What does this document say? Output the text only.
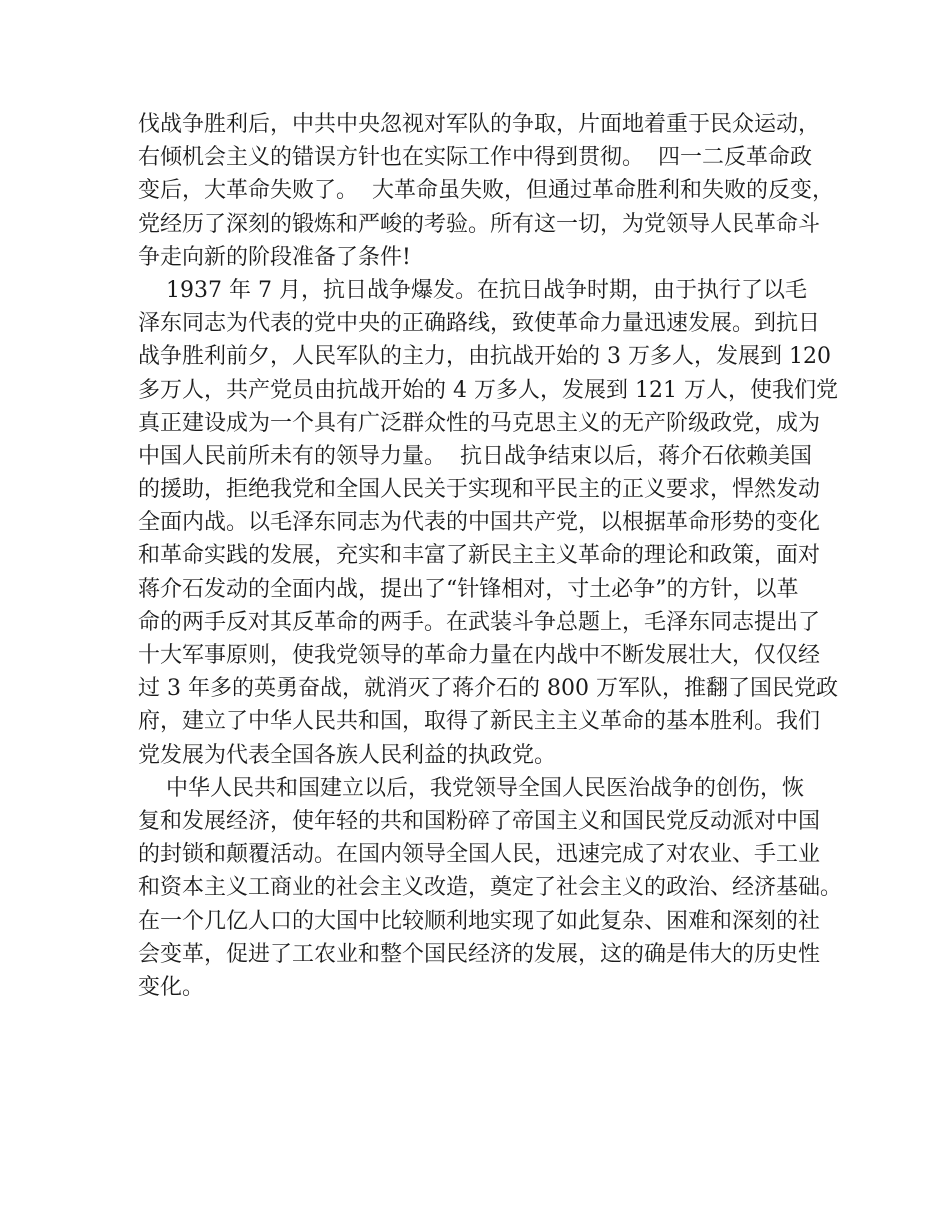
伐战争胜利后，中共中央忽视对军队的争取，片面地着重于民众运动，
右倾机会主义的错误方针也在实际工作中得到贯彻。  四一二反革命政
变后，大革命失败了。  大革命虽失败，但通过革命胜利和失败的反变，
党经历了深刻的锻炼和严峻的考验。所有这一切，为党领导人民革命斗
争走向新的阶段准备了条件!
1937 年 7 月，抗日战争爆发。在抗日战争时期，由于执行了以毛
泽东同志为代表的党中央的正确路线，致使革命力量迅速发展。到抗日
战争胜利前夕，人民军队的主力，由抗战开始的 3 万多人，发展到 120
多万人，共产党员由抗战开始的 4 万多人，发展到 121 万人，使我们党
真正建设成为一个具有广泛群众性的马克思主义的无产阶级政党，成为
中国人民前所未有的领导力量。  抗日战争结束以后，蒋介石依赖美国
的援助，拒绝我党和全国人民关于实现和平民主的正义要求，悍然发动
全面内战。以毛泽东同志为代表的中国共产党，以根据革命形势的变化
和革命实践的发展，充实和丰富了新民主主义革命的理论和政策，面对
蒋介石发动的全面内战，提出了“针锋相对，寸土必争”的方针，以革
命的两手反对其反革命的两手。在武装斗争总题上，毛泽东同志提出了
十大军事原则，使我党领导的革命力量在内战中不断发展壮大，仅仅经
过 3 年多的英勇奋战，就消灭了蒋介石的 800 万军队，推翻了国民党政
府，建立了中华人民共和国，取得了新民主主义革命的基本胜利。我们
党发展为代表全国各族人民利益的执政党。
中华人民共和国建立以后，我党领导全国人民医治战争的创伤，恢
复和发展经济，使年轻的共和国粉碎了帝国主义和国民党反动派对中国
的封锁和颠覆活动。在国内领导全国人民，迅速完成了对农业、手工业
和资本主义工商业的社会主义改造，奠定了社会主义的政治、经济基础。
在一个几亿人口的大国中比较顺利地实现了如此复杂、困难和深刻的社
会变革，促进了工农业和整个国民经济的发展，这的确是伟大的历史性
变化。
